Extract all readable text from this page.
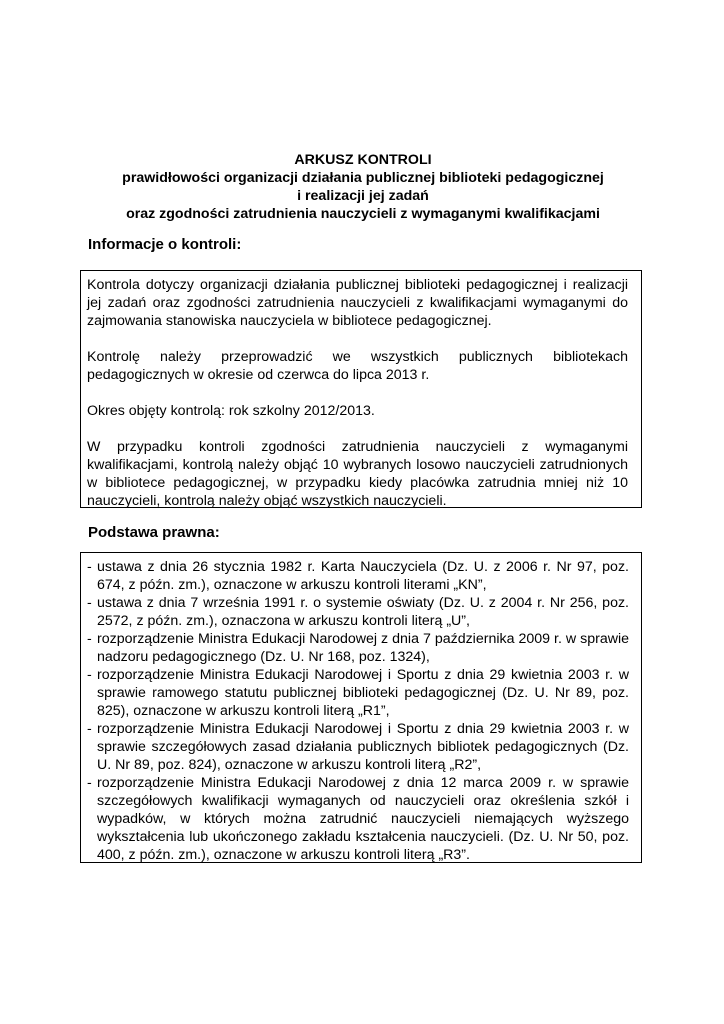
ARKUSZ KONTROLI
prawidłowości organizacji działania publicznej biblioteki pedagogicznej
i realizacji jej zadań
oraz zgodności zatrudnienia nauczycieli z wymaganymi kwalifikacjami
Informacje o kontroli:

Kontrola dotyczy organizacji działania publicznej biblioteki pedagogicznej i realizacji jej zadań oraz zgodności zatrudnienia nauczycieli z kwalifikacjami wymaganymi do zajmowania stanowiska nauczyciela w bibliotece pedagogicznej.

Kontrolę należy przeprowadzić we wszystkich publicznych bibliotekach pedagogicznych w okresie od czerwca do lipca 2013 r.

Okres objęty kontrolą: rok szkolny 2012/2013.

W przypadku kontroli zgodności zatrudnienia nauczycieli z wymaganymi kwalifikacjami, kontrolą należy objąć 10 wybranych losowo nauczycieli zatrudnionych w bibliotece pedagogicznej, w przypadku kiedy placówka zatrudnia mniej niż 10 nauczycieli, kontrolą należy objąć wszystkich nauczycieli.

Podstawa prawna:
- ustawa z dnia 26 stycznia 1982 r. Karta Nauczyciela (Dz. U. z 2006 r. Nr 97, poz. 674, z późn. zm.), oznaczone w arkuszu kontroli literami „KN”,
- ustawa z dnia 7 września 1991 r. o systemie oświaty (Dz. U. z 2004 r. Nr 256, poz. 2572, z późn. zm.), oznaczona w arkuszu kontroli literą „U”,
- rozporządzenie Ministra Edukacji Narodowej z dnia 7 października 2009 r. w sprawie nadzoru pedagogicznego (Dz. U. Nr 168, poz. 1324),
- rozporządzenie Ministra Edukacji Narodowej i Sportu z dnia 29 kwietnia 2003 r. w sprawie ramowego statutu publicznej biblioteki pedagogicznej (Dz. U. Nr 89, poz. 825), oznaczone w arkuszu kontroli literą „R1”,
- rozporządzenie Ministra Edukacji Narodowej i Sportu z dnia 29 kwietnia 2003 r. w sprawie szczegółowych zasad działania publicznych bibliotek pedagogicznych (Dz. U. Nr 89, poz. 824), oznaczone w arkuszu kontroli literą „R2”,
- rozporządzenie Ministra Edukacji Narodowej z dnia 12 marca 2009 r. w sprawie szczegółowych kwalifikacji wymaganych od nauczycieli oraz określenia szkół i wypadków, w których można zatrudnić nauczycieli niemających wyższego wykształcenia lub ukończonego zakładu kształcenia nauczycieli. (Dz. U. Nr 50, poz. 400, z późn. zm.), oznaczone w arkuszu kontroli literą „R3”.
